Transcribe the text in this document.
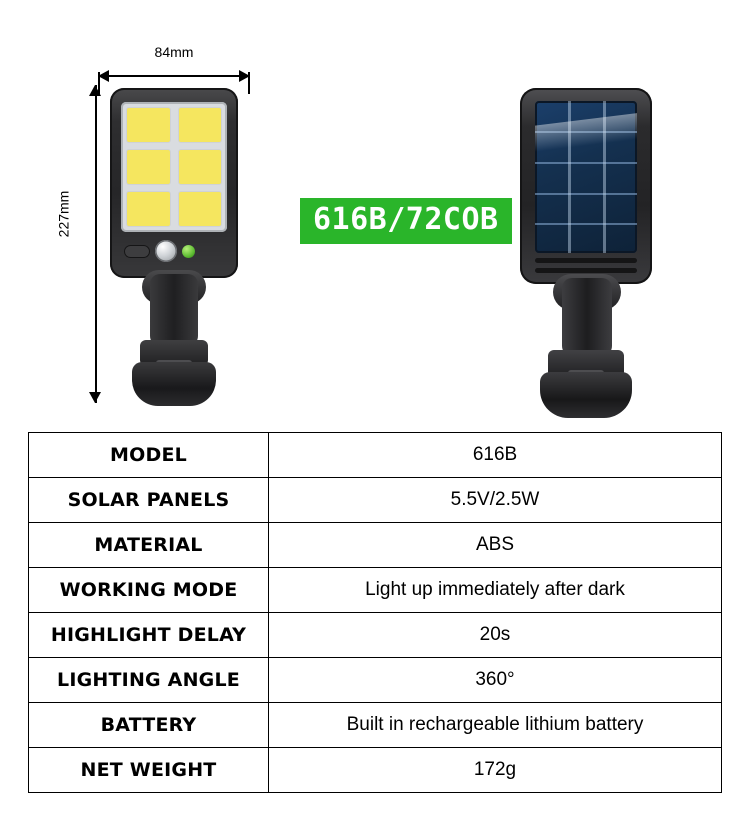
84mm
227mm	616B/72COB
MODEL	616B
SOLAR PANELS	5.5V/2.5W
MATERIAL	ABS
WORKING MODE	Light up immediately after dark
HIGHLIGHT DELAY	20s
LIGHTING ANGLE	360°
BATTERY	Built in rechargeable lithium battery
NET WEIGHT	172g
